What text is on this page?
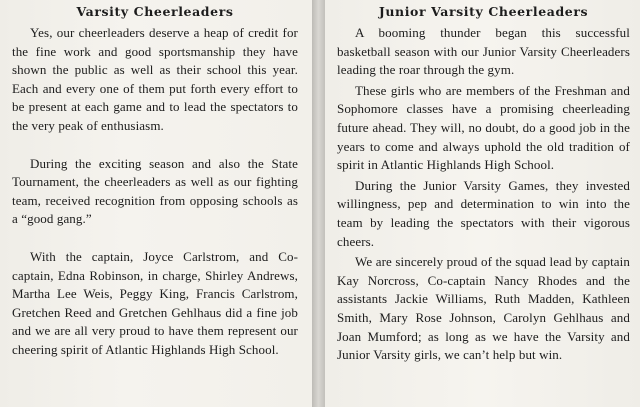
Varsity Cheerleaders

Yes, our cheerleaders deserve a heap of credit for the fine work and good sportsmanship they have shown the public as well as their school this year. Each and every one of them put forth every effort to be present at each game and to lead the spectators to the very peak of enthusiasm.

During the exciting season and also the State Tournament, the cheerleaders as well as our fighting team, received recognition from opposing schools as a “good gang.”

With the captain, Joyce Carlstrom, and Co-captain, Edna Robinson, in charge, Shirley Andrews, Martha Lee Weis, Peggy King, Francis Carlstrom, Gretchen Reed and Gretchen Gehlhaus did a fine job and we are all very proud to have them represent our cheering spirit of Atlantic Highlands High School.

Junior Varsity Cheerleaders

A booming thunder began this successful basketball season with our Junior Varsity Cheerleaders leading the roar through the gym.

These girls who are members of the Freshman and Sophomore classes have a promising cheerleading future ahead. They will, no doubt, do a good job in the years to come and always uphold the old tradition of spirit in Atlantic Highlands High School.

During the Junior Varsity Games, they invested willingness, pep and determination to win into the team by leading the spectators with their vigorous cheers.

We are sincerely proud of the squad lead by captain Kay Norcross, Co-captain Nancy Rhodes and the assistants Jackie Williams, Ruth Madden, Kathleen Smith, Mary Rose Johnson, Carolyn Gehlhaus and Joan Mumford; as long as we have the Varsity and Junior Varsity girls, we can’t help but win.
